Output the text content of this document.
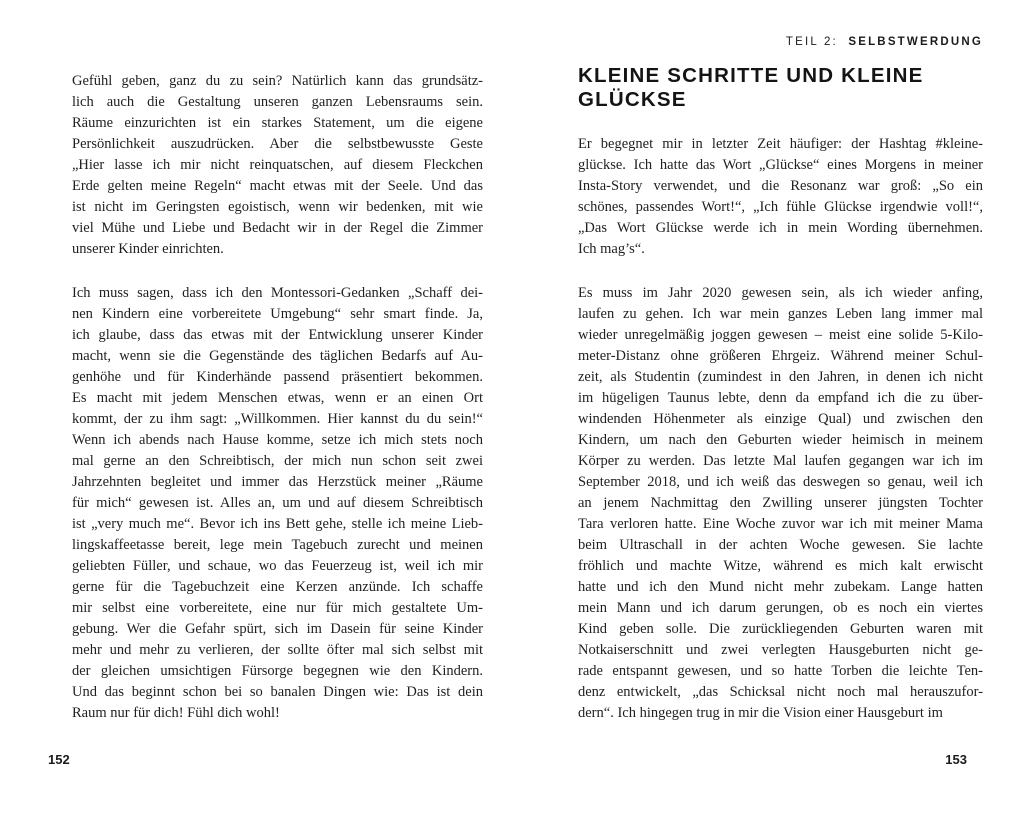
Gefühl geben, ganz du zu sein? Natürlich kann das grundsätz-
lich auch die Gestaltung unseren ganzen Lebensraums sein.
Räume einzurichten ist ein starkes Statement, um die eigene
Persönlichkeit auszudrücken. Aber die selbstbewusste Geste
„Hier lasse ich mir nicht reinquatschen, auf diesem Fleckchen
Erde gelten meine Regeln“ macht etwas mit der Seele. Und das
ist nicht im Geringsten egoistisch, wenn wir bedenken, mit wie
viel Mühe und Liebe und Bedacht wir in der Regel die Zimmer
unserer Kinder einrichten.
Ich muss sagen, dass ich den Montessori-Gedanken „Schaff dei-
nen Kindern eine vorbereitete Umgebung“ sehr smart finde. Ja,
ich glaube, dass das etwas mit der Entwicklung unserer Kinder
macht, wenn sie die Gegenstände des täglichen Bedarfs auf Au-
genhöhe und für Kinderhände passend präsentiert bekommen.
Es macht mit jedem Menschen etwas, wenn er an einen Ort
kommt, der zu ihm sagt: „Willkommen. Hier kannst du du sein!“
Wenn ich abends nach Hause komme, setze ich mich stets noch
mal gerne an den Schreibtisch, der mich nun schon seit zwei
Jahrzehnten begleitet und immer das Herzstück meiner „Räume
für mich“ gewesen ist. Alles an, um und auf diesem Schreibtisch
ist „very much me“. Bevor ich ins Bett gehe, stelle ich meine Lieb-
lingskaffeetasse bereit, lege mein Tagebuch zurecht und meinen
geliebten Füller, und schaue, wo das Feuerzeug ist, weil ich mir
gerne für die Tagebuchzeit eine Kerzen anzünde. Ich schaffe
mir selbst eine vorbereitete, eine nur für mich gestaltete Um-
gebung. Wer die Gefahr spürt, sich im Dasein für seine Kinder
mehr und mehr zu verlieren, der sollte öfter mal sich selbst mit
der gleichen umsichtigen Fürsorge begegnen wie den Kindern.
Und das beginnt schon bei so banalen Dingen wie: Das ist dein
Raum nur für dich! Fühl dich wohl!
152
TEIL 2: SELBSTWERDUNG
KLEINE SCHRITTE UND KLEINE
GLÜCKSE
Er begegnet mir in letzter Zeit häufiger: der Hashtag #kleine-
glückse. Ich hatte das Wort „Glückse“ eines Morgens in meiner
Insta-Story verwendet, und die Resonanz war groß: „So ein
schönes, passendes Wort!“, „Ich fühle Glückse irgendwie voll!“,
„Das Wort Glückse werde ich in mein Wording übernehmen.
Ich mag’s“.
Es muss im Jahr 2020 gewesen sein, als ich wieder anfing,
laufen zu gehen. Ich war mein ganzes Leben lang immer mal
wieder unregelmäßig joggen gewesen – meist eine solide 5-Kilo-
meter-Distanz ohne größeren Ehrgeiz. Während meiner Schul-
zeit, als Studentin (zumindest in den Jahren, in denen ich nicht
im hügeligen Taunus lebte, denn da empfand ich die zu über-
windenden Höhenmeter als einzige Qual) und zwischen den
Kindern, um nach den Geburten wieder heimisch in meinem
Körper zu werden. Das letzte Mal laufen gegangen war ich im
September 2018, und ich weiß das deswegen so genau, weil ich
an jenem Nachmittag den Zwilling unserer jüngsten Tochter
Tara verloren hatte. Eine Woche zuvor war ich mit meiner Mama
beim Ultraschall in der achten Woche gewesen. Sie lachte
fröhlich und machte Witze, während es mich kalt erwischt
hatte und ich den Mund nicht mehr zubekam. Lange hatten
mein Mann und ich darum gerungen, ob es noch ein viertes
Kind geben solle. Die zurückliegenden Geburten waren mit
Notkaiserschnitt und zwei verlegten Hausgeburten nicht ge-
rade entspannt gewesen, und so hatte Torben die leichte Ten-
denz entwickelt, „das Schicksal nicht noch mal herauszufor-
dern“. Ich hingegen trug in mir die Vision einer Hausgeburt im
153
